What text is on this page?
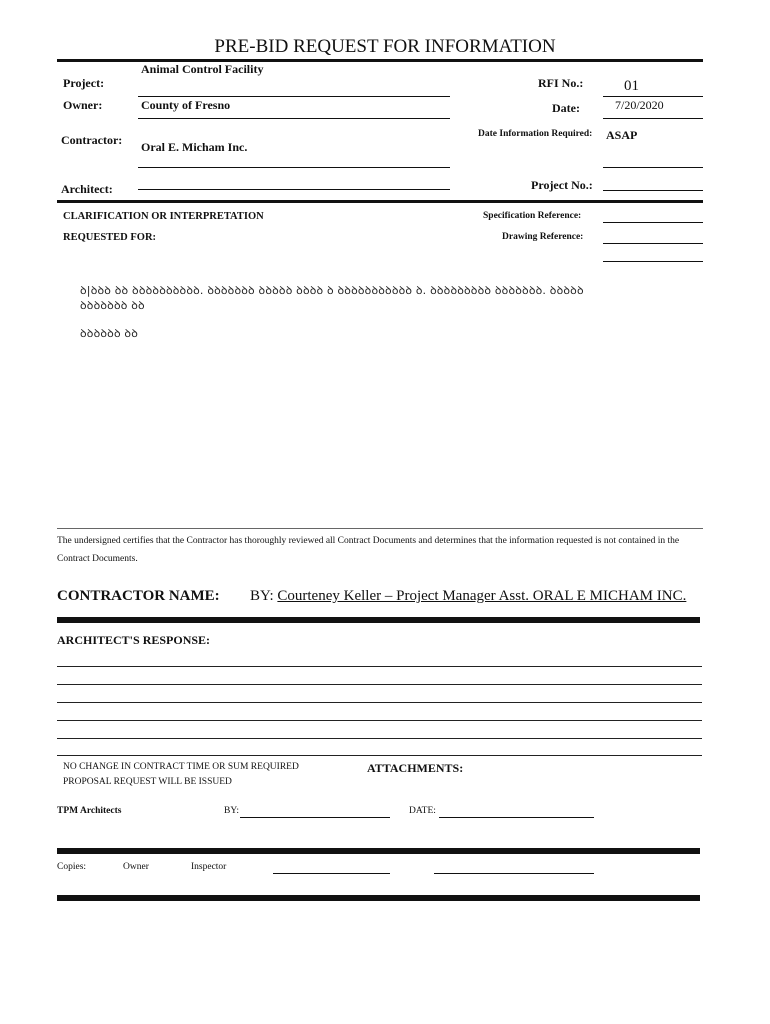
PRE-BID REQUEST FOR INFORMATION
Project:
Animal Control Facility
RFI No.:	01
Owner:	County of Fresno	Date:	7/20/2020
Contractor: Oral E. Micham Inc.
Date Information Required: ASAP
Architect:	Project No.:
CLARIFICATION OR INTERPRETATION
REQUESTED FOR:
Specification Reference:
Drawing Reference:
ꝺ|ꝺꝺꝺ ꝺꝺ ꝺꝺꝺꝺꝺꝺꝺꝺꝺꝺ. ꝺꝺꝺꝺꝺꝺꝺ ꝺꝺꝺꝺꝺ ꝺꝺꝺꝺ ꝺ ꝺꝺꝺꝺꝺꝺꝺꝺꝺꝺꝺ ꝺ. ꝺꝺꝺꝺꝺꝺꝺꝺꝺ ꝺꝺꝺꝺꝺꝺꝺ. ꝺꝺꝺꝺꝺ
ꝺꝺꝺꝺꝺꝺꝺ ꝺꝺ
ꝺꝺꝺꝺꝺꝺ ꝺꝺ
The undersigned certifies that the Contractor has thoroughly reviewed all Contract Documents and determines that the information requested is not contained in the Contract Documents.
CONTRACTOR NAME: BY: Courteney Keller – Project Manager Asst. ORAL E MICHAM INC.
ARCHITECT'S RESPONSE:
NO CHANGE IN CONTRACT TIME OR SUM REQUIRED
PROPOSAL REQUEST WILL BE ISSUED
ATTACHMENTS:
TPM Architects	BY:	DATE:
Copies:	Owner	Inspector
